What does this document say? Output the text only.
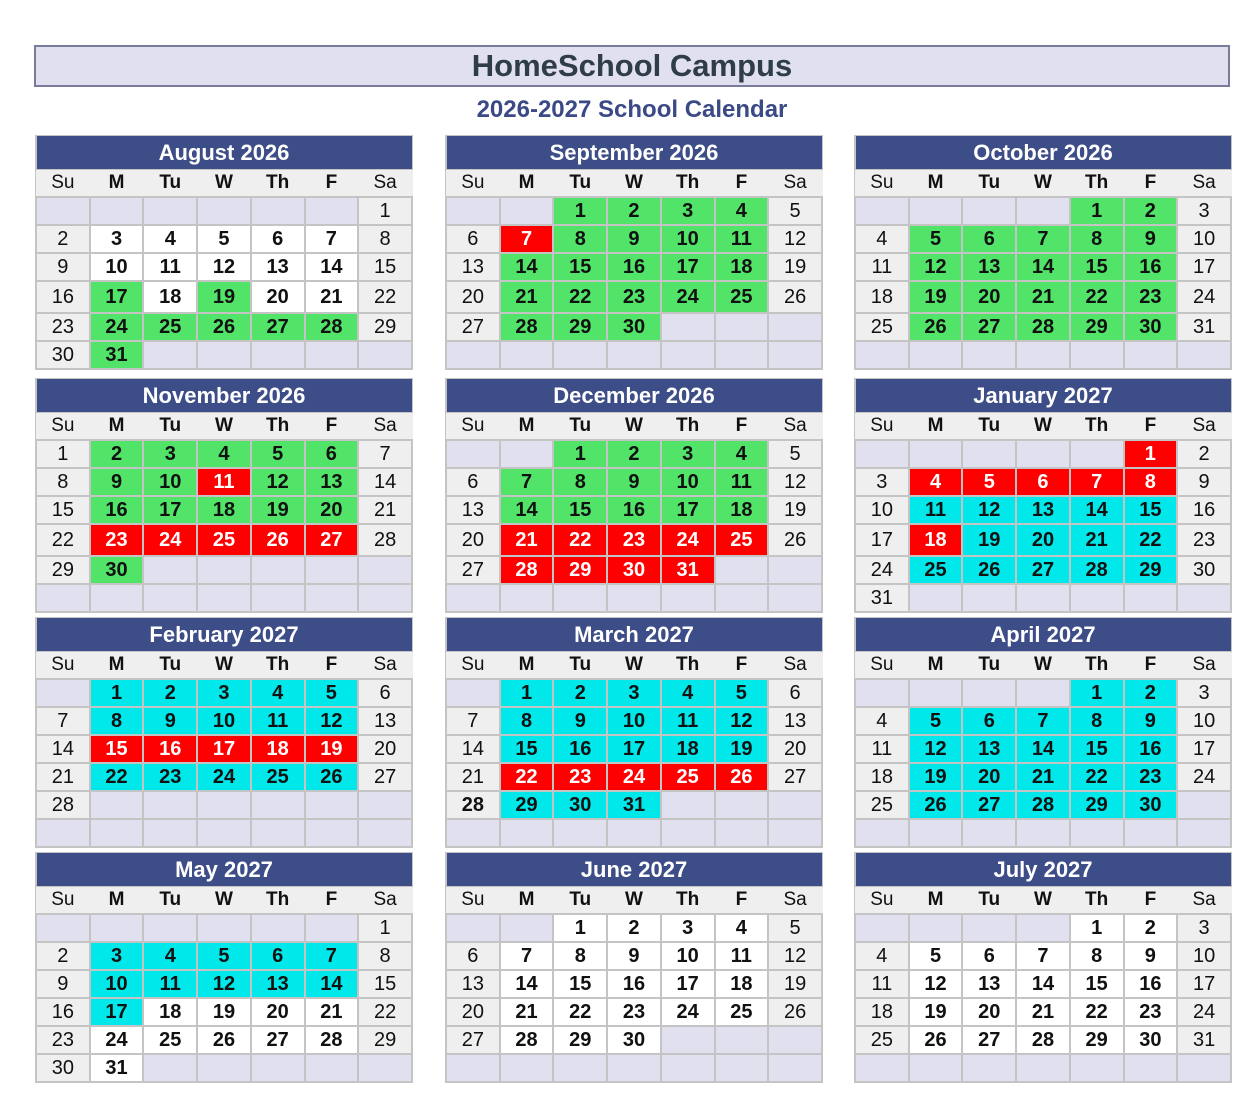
HomeSchool Campus
2026-2027 School Calendar
August 2026						
Su	M	Tu	W	Th	F	Sa
						1
2	3	4	5	6	7	8
9	10	11	12	13	14	15
16	17	18	19	20	21	22
23	24	25	26	27	28	29
30	31					
September 2026						
Su	M	Tu	W	Th	F	Sa
		1	2	3	4	5
6	7	8	9	10	11	12
13	14	15	16	17	18	19
20	21	22	23	24	25	26
27	28	29	30			

October 2026						
Su	M	Tu	W	Th	F	Sa
				1	2	3
4	5	6	7	8	9	10
11	12	13	14	15	16	17
18	19	20	21	22	23	24
25	26	27	28	29	30	31

November 2026						
Su	M	Tu	W	Th	F	Sa
1	2	3	4	5	6	7
8	9	10	11	12	13	14
15	16	17	18	19	20	21
22	23	24	25	26	27	28
29	30					

December 2026						
Su	M	Tu	W	Th	F	Sa
		1	2	3	4	5
6	7	8	9	10	11	12
13	14	15	16	17	18	19
20	21	22	23	24	25	26
27	28	29	30	31		

January 2027						
Su	M	Tu	W	Th	F	Sa
					1	2
3	4	5	6	7	8	9
10	11	12	13	14	15	16
17	18	19	20	21	22	23
24	25	26	27	28	29	30
31						
February 2027						
Su	M	Tu	W	Th	F	Sa
	1	2	3	4	5	6
7	8	9	10	11	12	13
14	15	16	17	18	19	20
21	22	23	24	25	26	27
28						

March 2027						
Su	M	Tu	W	Th	F	Sa
	1	2	3	4	5	6
7	8	9	10	11	12	13
14	15	16	17	18	19	20
21	22	23	24	25	26	27
28	29	30	31			

April 2027						
Su	M	Tu	W	Th	F	Sa
				1	2	3
4	5	6	7	8	9	10
11	12	13	14	15	16	17
18	19	20	21	22	23	24
25	26	27	28	29	30	

May 2027						
Su	M	Tu	W	Th	F	Sa
						1
2	3	4	5	6	7	8
9	10	11	12	13	14	15
16	17	18	19	20	21	22
23	24	25	26	27	28	29
30	31					
June 2027						
Su	M	Tu	W	Th	F	Sa
		1	2	3	4	5
6	7	8	9	10	11	12
13	14	15	16	17	18	19
20	21	22	23	24	25	26
27	28	29	30			

July 2027						
Su	M	Tu	W	Th	F	Sa
				1	2	3
4	5	6	7	8	9	10
11	12	13	14	15	16	17
18	19	20	21	22	23	24
25	26	27	28	29	30	31
